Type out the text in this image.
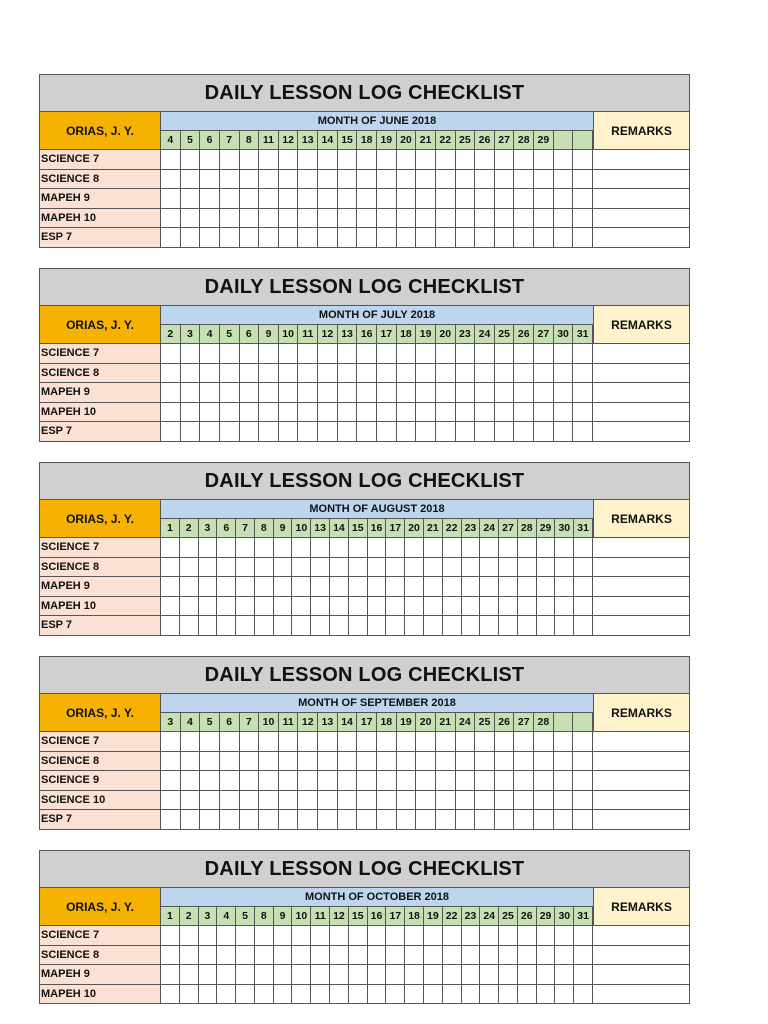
DAILY LESSON LOG CHECKLIST
ORIAS, J. Y.
MONTH OF JUNE 2018
REMARKS
4	5	6	7	8	11 12 13 14 15 18 19 20 21 22 25 26 27 28 29
SCIENCE 7
SCIENCE 8
MAPEH 9
MAPEH 10
ESP 7
DAILY LESSON LOG CHECKLIST
ORIAS, J. Y.
MONTH OF JULY 2018
REMARKS
2	3	4	5	6	9	10 11 12 13 16 17 18 19 20 23 24 25 26 27 30 31
SCIENCE 7
SCIENCE 8
MAPEH 9
MAPEH 10
ESP 7
DAILY LESSON LOG CHECKLIST
ORIAS, J. Y.
MONTH OF AUGUST 2018
REMARKS
1	2	3	6	7	8	9 10 13 14 15 16 17 20 21 22 23 24 27 28 29 30 31
SCIENCE 7
SCIENCE 8
MAPEH 9
MAPEH 10
ESP 7
DAILY LESSON LOG CHECKLIST
ORIAS, J. Y.
MONTH OF SEPTEMBER 2018
REMARKS
3	4	5	6	7	10 11 12 13 14 17 18 19 20 21 24 25 26 27 28
SCIENCE 7
SCIENCE 8
SCIENCE 9
SCIENCE 10
ESP 7
DAILY LESSON LOG CHECKLIST
ORIAS, J. Y.
MONTH OF OCTOBER 2018
REMARKS
1	2	3	4	5	8	9 10 11 12 15 16 17 18 19 22 23 24 25 26 29 30 31
SCIENCE 7
SCIENCE 8
MAPEH 9
MAPEH 10
